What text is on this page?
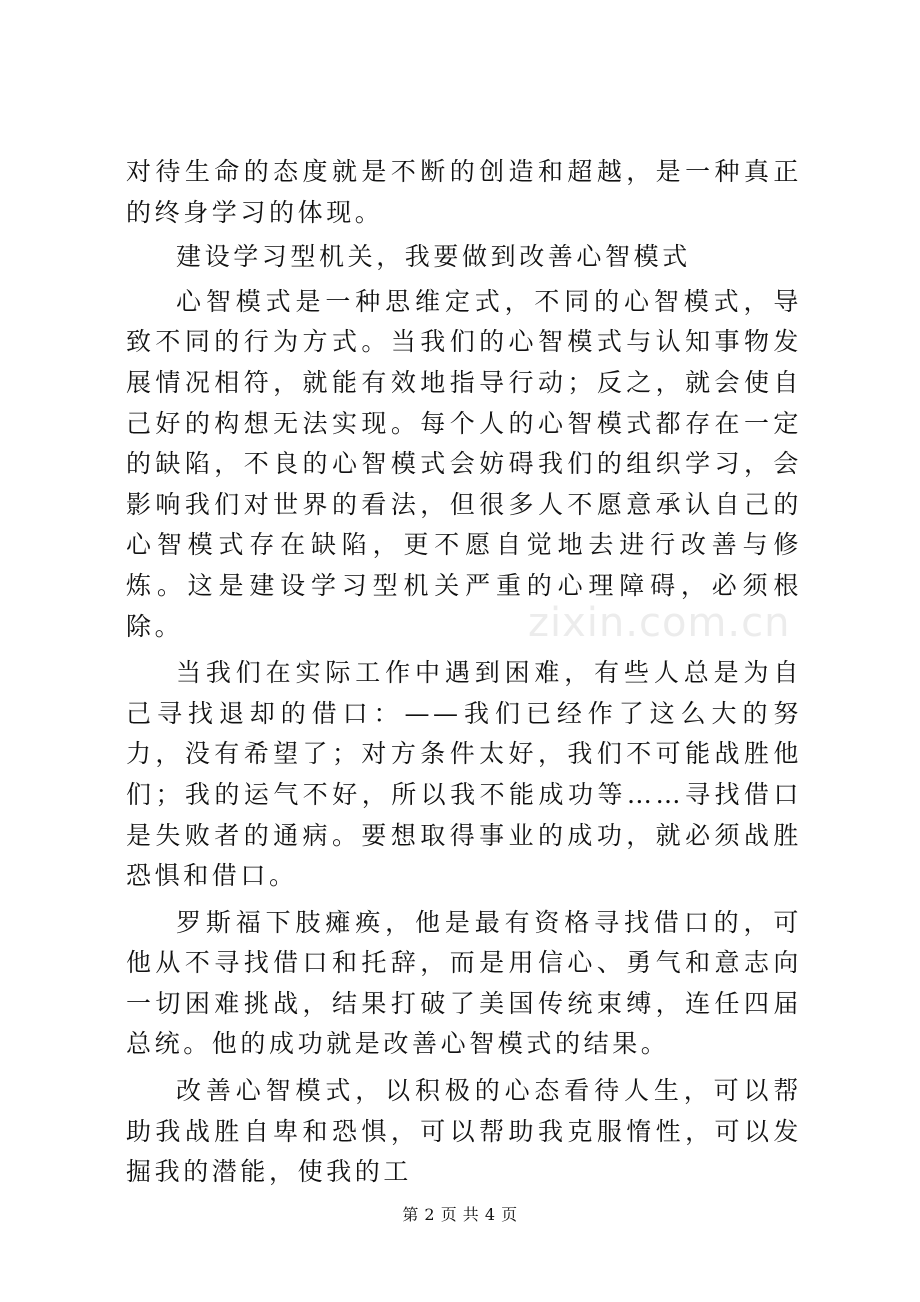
对待生命的态度就是不断的创造和超越，是一种真正的终身学习的体现。

建设学习型机关，我要做到改善心智模式

心智模式是一种思维定式，不同的心智模式，导致不同的行为方式。当我们的心智模式与认知事物发展情况相符，就能有效地指导行动；反之，就会使自己好的构想无法实现。每个人的心智模式都存在一定的缺陷，不良的心智模式会妨碍我们的组织学习，会影响我们对世界的看法，但很多人不愿意承认自己的心智模式存在缺陷，更不愿自觉地去进行改善与修炼。这是建设学习型机关严重的心理障碍，必须根除。

当我们在实际工作中遇到困难，有些人总是为自己寻找退却的借口：——我们已经作了这么大的努力，没有希望了；对方条件太好，我们不可能战胜他们；我的运气不好，所以我不能成功等……寻找借口是失败者的通病。要想取得事业的成功，就必须战胜恐惧和借口。

罗斯福下肢瘫痪，他是最有资格寻找借口的，可他从不寻找借口和托辞，而是用信心、勇气和意志向一切困难挑战，结果打破了美国传统束缚，连任四届总统。他的成功就是改善心智模式的结果。

改善心智模式，以积极的心态看待人生，可以帮助我战胜自卑和恐惧，可以帮助我克服惰性，可以发掘我的潜能，使我的工

zixin.com.cn
第 2 页 共 4 页
